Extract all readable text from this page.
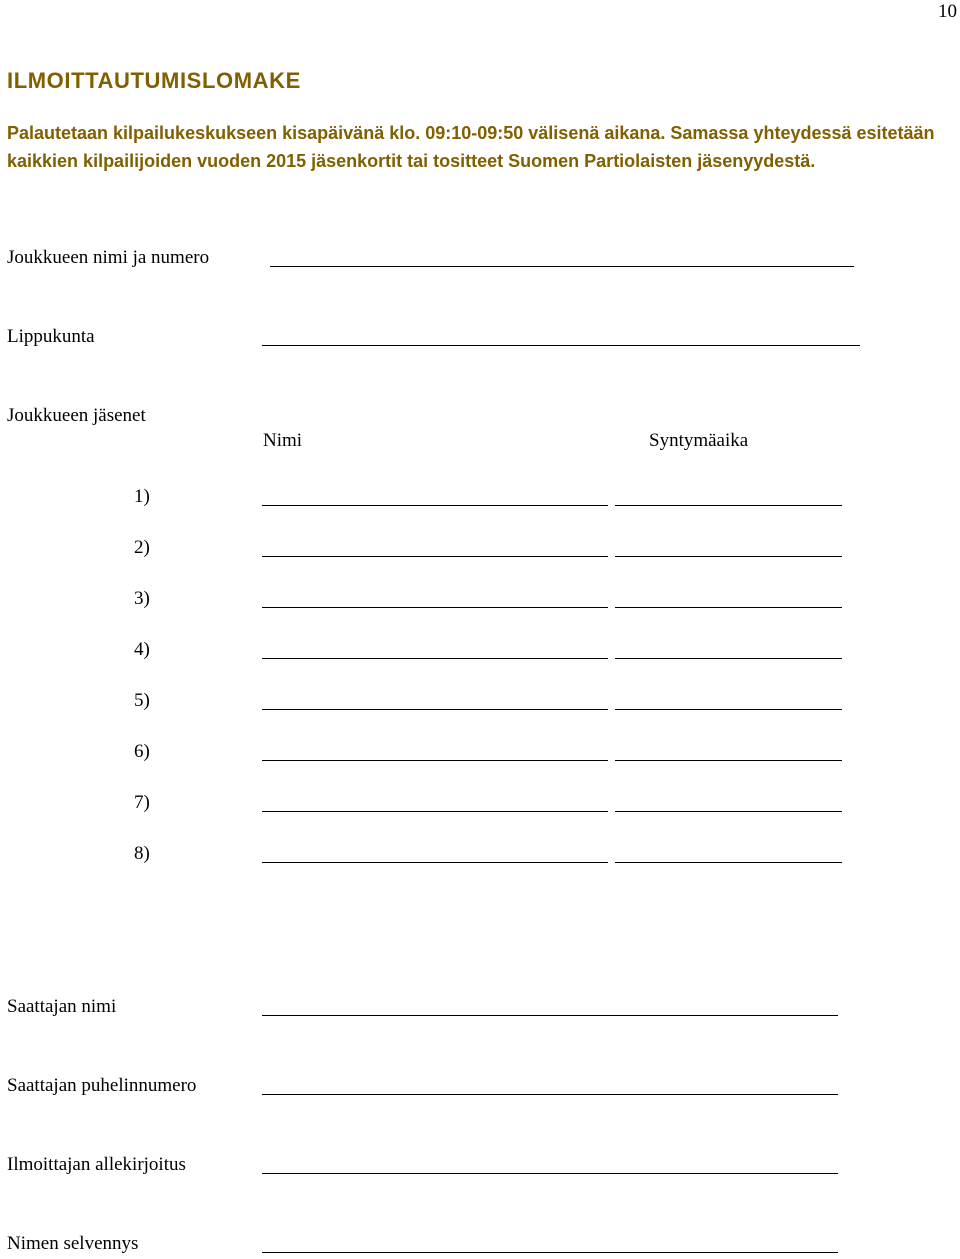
10
ILMOITTAUTUMISLOMAKE
Palautetaan kilpailukeskukseen kisapäivänä klo. 09:10-09:50 välisenä aikana. Samassa yhteydessä esitetään kaikkien kilpailijoiden vuoden 2015 jäsenkortit tai tositteet Suomen Partiolaisten jäsenyydestä.
Joukkueen nimi ja numero
Lippukunta
Joukkueen jäsenet
Nimi	Syntymäaika
1)
2)
3)
4)
5)
6)
7)
8)
Saattajan nimi
Saattajan puhelinnumero
Ilmoittajan allekirjoitus
Nimen selvennys
